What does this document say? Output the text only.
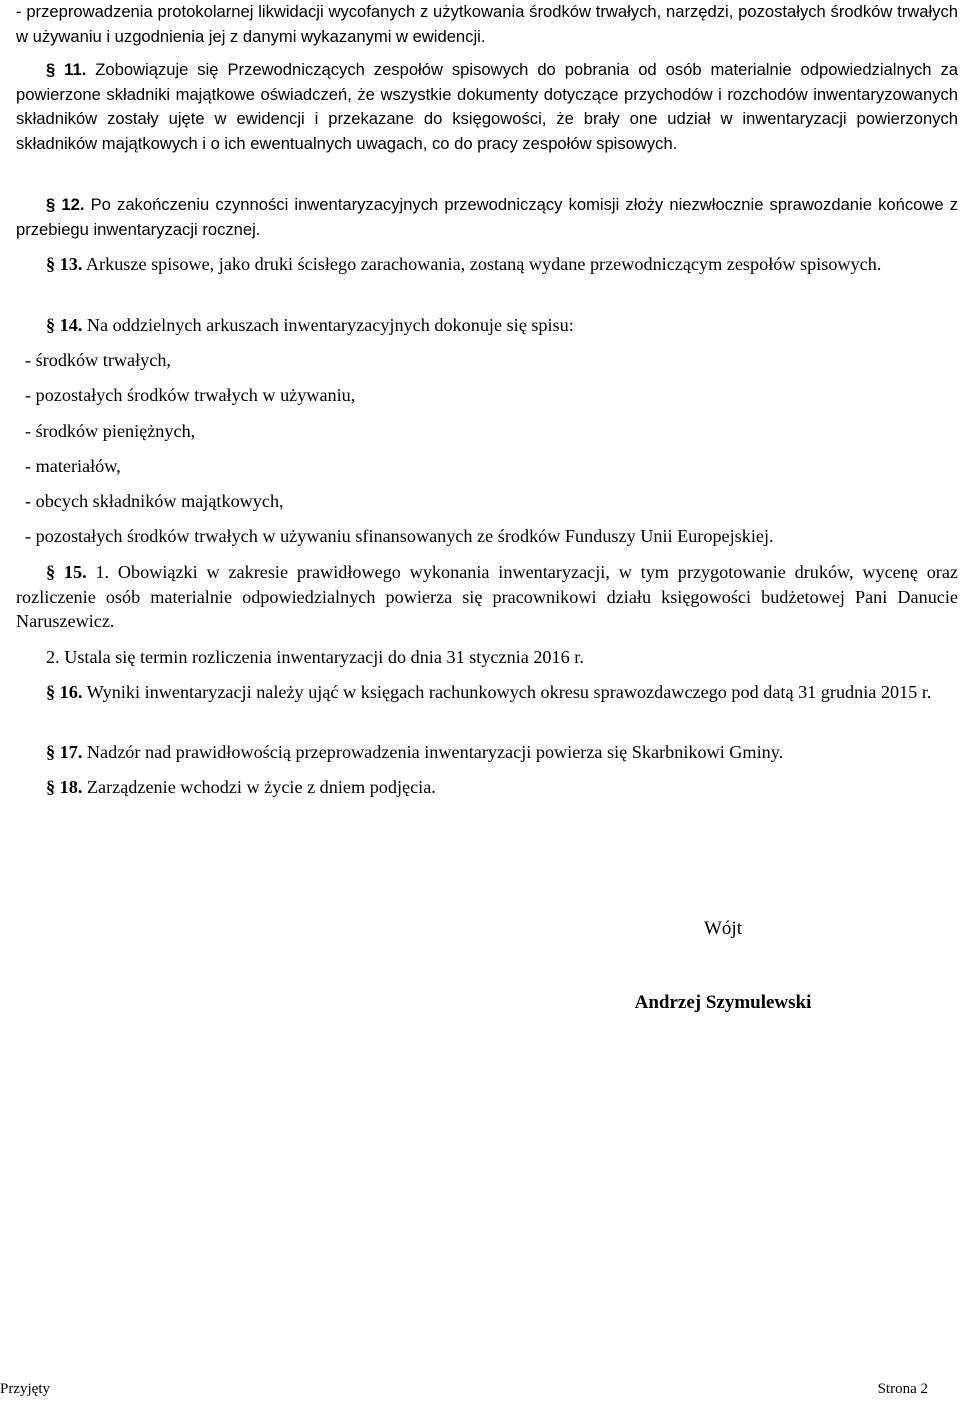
- przeprowadzenia protokolarnej likwidacji wycofanych z użytkowania środków trwałych, narzędzi, pozostałych środków trwałych w używaniu i uzgodnienia jej z danymi wykazanymi w ewidencji.

§ 11. Zobowiązuje się Przewodniczących zespołów spisowych do pobrania od osób materialnie odpowiedzialnych za powierzone składniki majątkowe oświadczeń, że wszystkie dokumenty dotyczące przychodów i rozchodów inwentaryzowanych składników zostały ujęte w ewidencji i przekazane do księgowości, że brały one udział w inwentaryzacji powierzonych składników majątkowych i o ich ewentualnych uwagach, co do pracy zespołów spisowych.

§ 12. Po zakończeniu czynności inwentaryzacyjnych przewodniczący komisji złoży niezwłocznie sprawozdanie końcowe z przebiegu inwentaryzacji rocznej.

§ 13. Arkusze spisowe, jako druki ścisłego zarachowania, zostaną wydane przewodniczącym zespołów spisowych.

§ 14. Na oddzielnych arkuszach inwentaryzacyjnych dokonuje się spisu:

- środków trwałych,

- pozostałych środków trwałych w używaniu,

- środków pieniężnych,

- materiałów,

- obcych składników majątkowych,

- pozostałych środków trwałych w używaniu sfinansowanych ze środków Funduszy Unii Europejskiej.

§ 15. 1. Obowiązki w zakresie prawidłowego wykonania inwentaryzacji, w tym przygotowanie druków, wycenę oraz rozliczenie osób materialnie odpowiedzialnych powierza się pracownikowi działu księgowości budżetowej Pani Danucie Naruszewicz.

2. Ustala się termin rozliczenia inwentaryzacji do dnia 31 stycznia 2016 r.

§ 16. Wyniki inwentaryzacji należy ująć w księgach rachunkowych okresu sprawozdawczego pod datą 31 grudnia 2015 r.

§ 17. Nadzór nad prawidłowością przeprowadzenia inwentaryzacji powierza się Skarbnikowi Gminy.

§ 18. Zarządzenie wchodzi w życie z dniem podjęcia.

Wójt
Andrzej Szymulewski
Przyjęty	Strona 2
